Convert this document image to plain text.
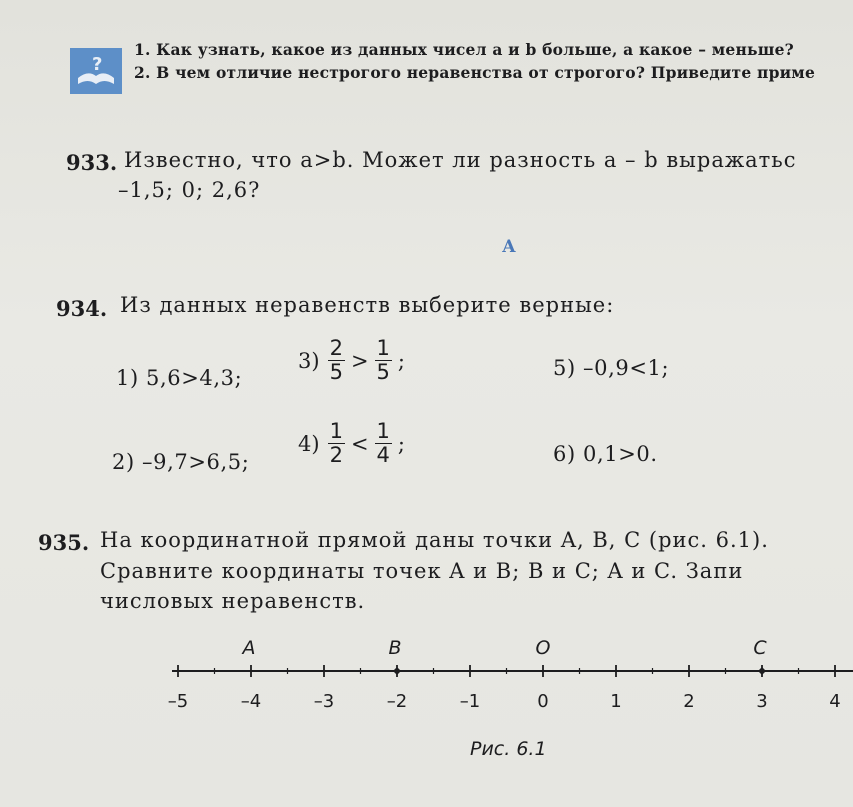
?
1. Как узнать, какое из данных чисел a и b больше, а какое – меньше?
2. В чем отличие нестрогого неравенства от строгого? Приведите приме
933. Известно, что a>b. Может ли разность a – b выражатьс
–1,5; 0; 2,6?
А
934. Из данных неравенств выберите верные:
1) 5,6>4,3;
2) –9,7>6,5;
$3) \frac{2}{5} > \frac{1}{5}$ ;
$4) \frac{1}{2} < \frac{1}{4}$ ;
5) –0,9<1;
6) 0,1>0.
935. На координатной прямой даны точки A, B, C (рис. 6.1).
Сравните координаты точек A и B; B и C; A и C. Запи
числовых неравенств.
–5	–4	–3	–2	–1	0	1	2	3	4
A	B	O	C
Рис. 6.1
